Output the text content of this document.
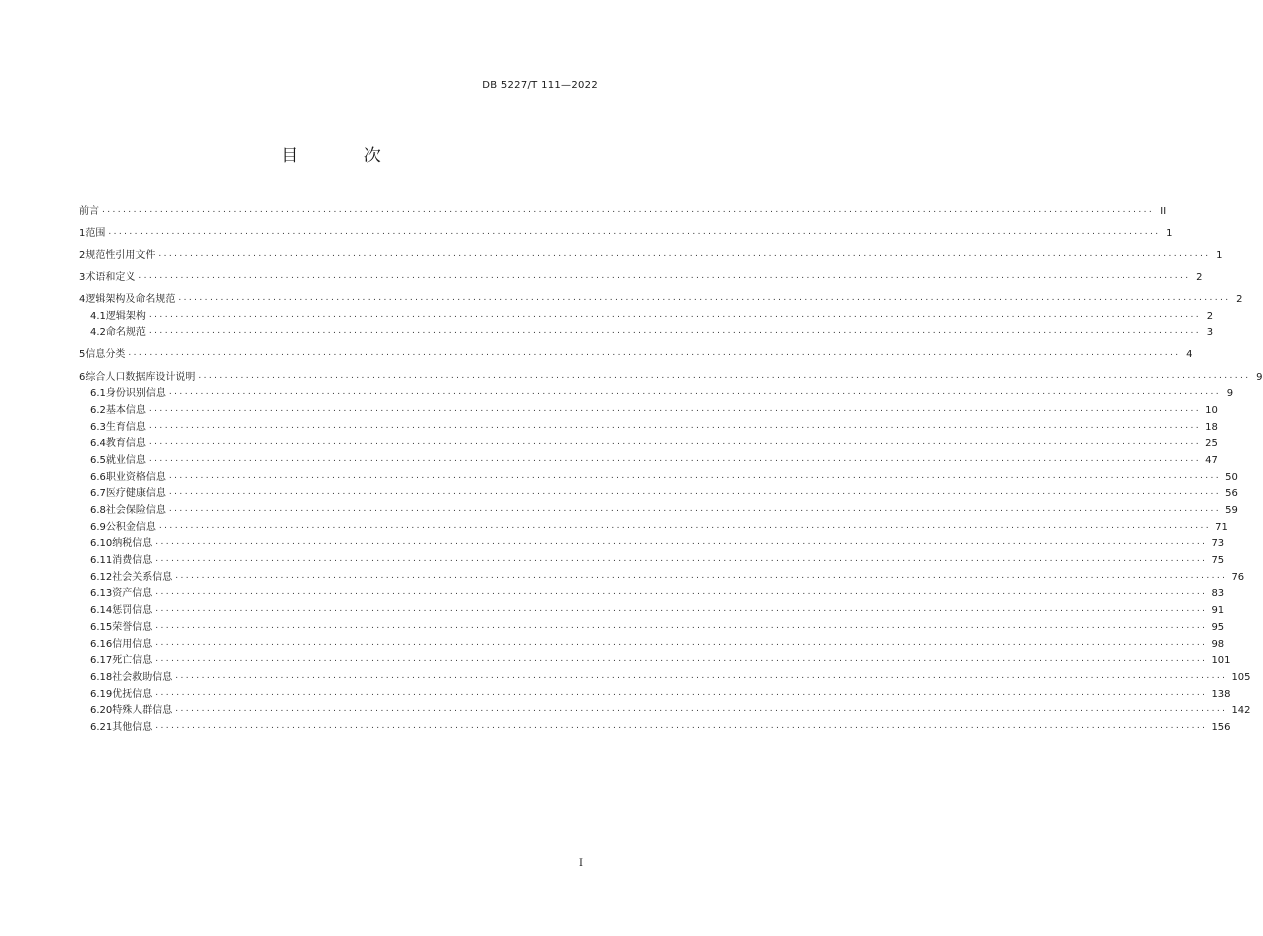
DB 5227/T 111—2022
目 次
前言 ........................................................................................................................................................................................................ II
1 范围 ........................................................................................................................................................................................................ 1
2 规范性引用文件 ........................................................................................................................................................................................................ 1
3 术语和定义 ........................................................................................................................................................................................................ 2
4 逻辑架构及命名规范 ........................................................................................................................................................................................................ 2
4.1 逻辑架构 ........................................................................................................................................................................................................ 2
4.2 命名规范 ........................................................................................................................................................................................................ 3
5 信息分类 ........................................................................................................................................................................................................ 4
6 综合人口数据库设计说明 ........................................................................................................................................................................................................ 9
6.1 身份识别信息 ........................................................................................................................................................................................................ 9
6.2 基本信息 ........................................................................................................................................................................................................ 10
6.3 生育信息 ........................................................................................................................................................................................................ 18
6.4 教育信息 ........................................................................................................................................................................................................ 25
6.5 就业信息 ........................................................................................................................................................................................................ 47
6.6 职业资格信息 ........................................................................................................................................................................................................ 50
6.7 医疗健康信息 ........................................................................................................................................................................................................ 56
6.8 社会保险信息 ........................................................................................................................................................................................................ 59
6.9 公积金信息 ........................................................................................................................................................................................................ 71
6.10 纳税信息 ........................................................................................................................................................................................................ 73
6.11 消费信息 ........................................................................................................................................................................................................ 75
6.12 社会关系信息 ........................................................................................................................................................................................................ 76
6.13 资产信息 ........................................................................................................................................................................................................ 83
6.14 惩罚信息 ........................................................................................................................................................................................................ 91
6.15 荣誉信息 ........................................................................................................................................................................................................ 95
6.16 信用信息 ........................................................................................................................................................................................................ 98
6.17 死亡信息 ........................................................................................................................................................................................................ 101
6.18 社会救助信息 ........................................................................................................................................................................................................ 105
6.19 优抚信息 ........................................................................................................................................................................................................ 138
6.20 特殊人群信息 ........................................................................................................................................................................................................ 142
6.21 其他信息 ........................................................................................................................................................................................................ 156
I
